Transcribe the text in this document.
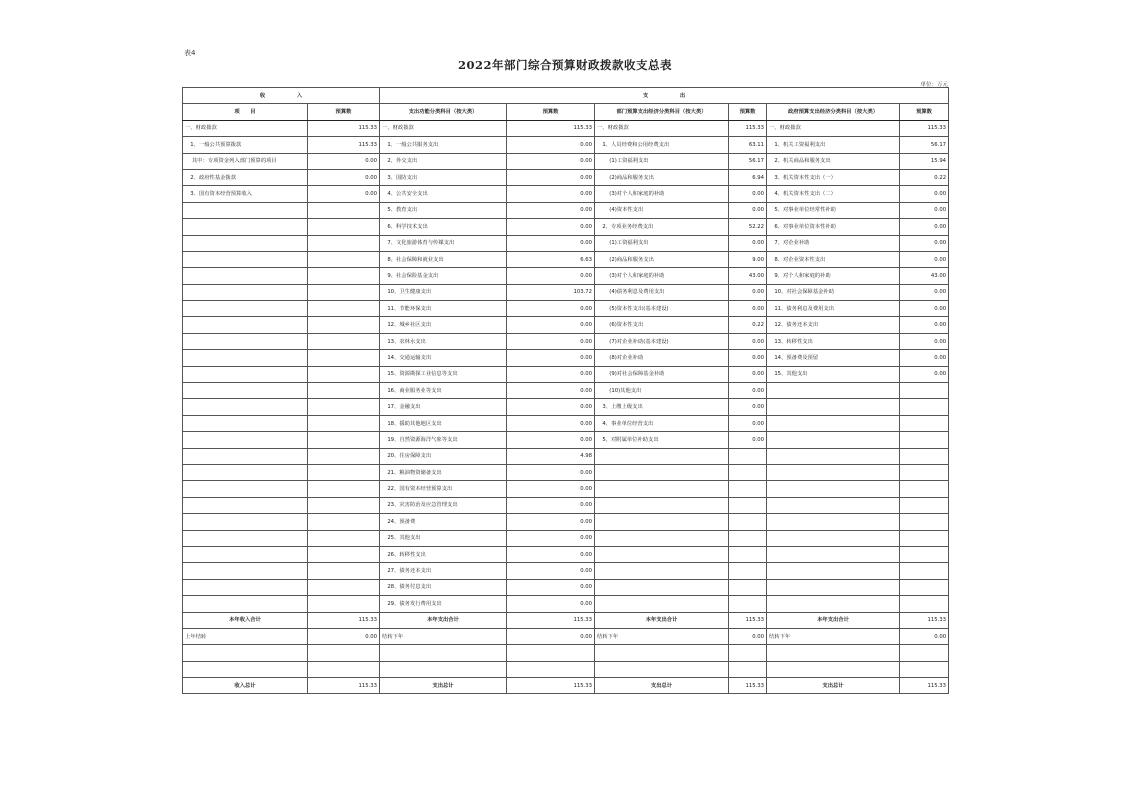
表4
2022年部门综合预算财政拨款收支总表
单位：万元
收　　　　　　入		支　　　　　　出					
项　　目	预算数	支出功能分类科目（按大类）	预算数	部门预算支出经济分类科目（按大类）	预算数	政府预算支出经济分类科目（按大类）	预算数
一、财政拨款	115.33	一、财政拨款	115.33	一、财政拨款	115.33	一、财政拨款	115.33
　1、一般公共预算拨款	115.33	　1、一般公共服务支出	0.00	　1、人员经费和公用经费支出	63.11	　1、机关工资福利支出	56.17
　 其中：专项资金列入部门预算的项目	0.00	　2、外交支出	0.00	　　 (1)工资福利支出	56.17	　2、机关商品和服务支出	15.94
　2、政府性基金拨款	0.00	　3、国防支出	0.00	　　 (2)商品和服务支出	6.94	　3、机关资本性支出（一）	0.22
　3、国有资本经营预算收入	0.00	　4、公共安全支出	0.00	　　 (3)对个人和家庭的补助	0.00	　4、机关资本性支出（二）	0.00
		　5、教育支出	0.00	　　 (4)资本性支出	0.00	　5、对事业单位经常性补助	0.00
		　6、科学技术支出	0.00	　2、专项业务经费支出	52.22	　6、对事业单位资本性补助	0.00
		　7、文化旅游体育与传媒支出	0.00	　　 (1)工资福利支出	0.00	　7、对企业补助	0.00
		　8、社会保障和就业支出	6.63	　　 (2)商品和服务支出	9.00	　8、对企业资本性支出	0.00
		　9、社会保险基金支出	0.00	　　 (3)对个人和家庭的补助	43.00	　9、对个人和家庭的补助	43.00
		　10、卫生健康支出	103.72	　　 (4)债务利息及费用支出	0.00	　10、对社会保障基金补助	0.00
		　11、节能环保支出	0.00	　　 (5)资本性支出(基本建设)	0.00	　11、债务利息及费用支出	0.00
		　12、城乡社区支出	0.00	　　 (6)资本性支出	0.22	　12、债务还本支出	0.00
		　13、农林水支出	0.00	　　 (7)对企业补助(基本建设)	0.00	　13、转移性支出	0.00
		　14、交通运输支出	0.00	　　 (8)对企业补助	0.00	　14、预备费及预留	0.00
		　15、资源勘探工业信息等支出	0.00	　　 (9)对社会保障基金补助	0.00	　15、其他支出	0.00
		　16、商业服务业等支出	0.00	　　 (10)其他支出	0.00		
		　17、金融支出	0.00	　3、上缴上级支出	0.00		
		　18、援助其他地区支出	0.00	　4、事业单位经营支出	0.00		
		　19、自然资源海洋气象等支出	0.00	　5、对附属单位补助支出	0.00		
		　20、住房保障支出	4.98				
		　21、粮油物资储备支出	0.00				
		　22、国有资本经营预算支出	0.00				
		　23、灾害防治及应急管理支出	0.00				
		　24、预备费	0.00				
		　25、其他支出	0.00				
		　26、转移性支出	0.00				
		　27、债务还本支出	0.00				
		　28、债务付息支出	0.00				
		　29、债务发行费用支出	0.00				
本年收入合计	115.33	本年支出合计	115.33	本年支出合计	115.33	本年支出合计	115.33
上年结转	0.00	结转下年	0.00	结转下年	0.00	结转下年	0.00

收入总计	115.33	支出总计	115.33	支出总计	115.33	支出总计	115.33
